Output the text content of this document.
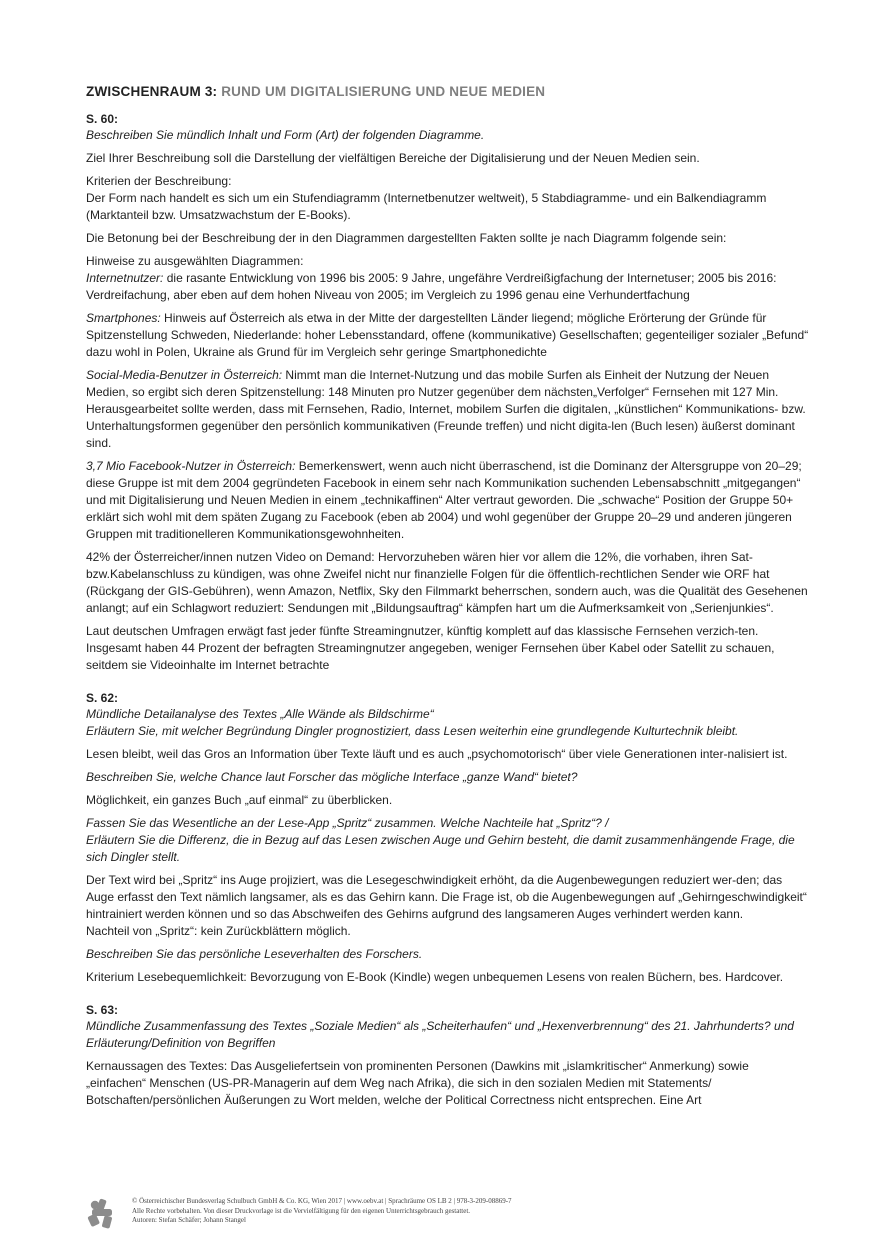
ZWISCHENRAUM 3: RUND UM DIGITALISIERUNG UND NEUE MEDIEN
S. 60:

Beschreiben Sie mündlich Inhalt und Form (Art) der folgenden Diagramme.

Ziel Ihrer Beschreibung soll die Darstellung der vielfältigen Bereiche der Digitalisierung und der Neuen Medien sein.

Kriterien der Beschreibung:
Der Form nach handelt es sich um ein Stufendiagramm (Internetbenutzer weltweit), 5 Stabdiagramme- und ein Balkendiagramm (Marktanteil bzw. Umsatzwachstum der E-Books).

Die Betonung bei der Beschreibung der in den Diagrammen dargestellten Fakten sollte je nach Diagramm folgende sein:

Hinweise zu ausgewählten Diagrammen:
Internetnutzer: die rasante Entwicklung von 1996 bis 2005: 9 Jahre, ungefähre Verdreißigfachung der Internetuser; 2005 bis 2016: Verdreifachung, aber eben auf dem hohen Niveau von 2005; im Vergleich zu 1996 genau eine Verhundertfachung

Smartphones: Hinweis auf Österreich als etwa in der Mitte der dargestellten Länder liegend; mögliche Erörterung der Gründe für Spitzenstellung Schweden, Niederlande: hoher Lebensstandard, offene (kommunikative) Gesellschaften; gegenteiliger sozialer „Befund“ dazu wohl in Polen, Ukraine als Grund für im Vergleich sehr geringe Smartphonedichte

Social-Media-Benutzer in Österreich: Nimmt man die Internet-Nutzung und das mobile Surfen als Einheit der Nutzung der Neuen Medien, so ergibt sich deren Spitzenstellung: 148 Minuten pro Nutzer gegenüber dem nächsten„Verfolger“ Fernsehen mit 127 Min. Herausgearbeitet sollte werden, dass mit Fernsehen, Radio, Internet, mobilem Surfen die digitalen, „künstlichen“ Kommunikations- bzw. Unterhaltungsformen gegenüber den persönlich kommunikativen (Freunde treffen) und nicht digita-len (Buch lesen) äußerst dominant sind.

3,7 Mio Facebook-Nutzer in Österreich: Bemerkenswert, wenn auch nicht überraschend, ist die Dominanz der Altersgruppe von 20–29; diese Gruppe ist mit dem 2004 gegründeten Facebook in einem sehr nach Kommunikation suchenden Lebensabschnitt „mitgegangen“ und mit Digitalisierung und Neuen Medien in einem „technikaffinen“ Alter vertraut geworden. Die „schwache“ Position der Gruppe 50+ erklärt sich wohl mit dem späten Zugang zu Facebook (eben ab 2004) und wohl gegenüber der Gruppe 20–29 und anderen jüngeren Gruppen mit traditionelleren Kommunikationsgewohnheiten.

42% der Österreicher/innen nutzen Video on Demand: Hervorzuheben wären hier vor allem die 12%, die vorhaben, ihren Sat- bzw.Kabelanschluss zu kündigen, was ohne Zweifel nicht nur finanzielle Folgen für die öffentlich-rechtlichen Sender wie ORF hat (Rückgang der GIS-Gebühren), wenn Amazon, Netflix, Sky den Filmmarkt beherrschen, sondern auch, was die Qualität des Gesehenen anlangt; auf ein Schlagwort reduziert: Sendungen mit „Bildungsauftrag“ kämpfen hart um die Aufmerksamkeit von „Serienjunkies“.

Laut deutschen Umfragen erwägt fast jeder fünfte Streamingnutzer, künftig komplett auf das klassische Fernsehen verzich-ten. Insgesamt haben 44 Prozent der befragten Streamingnutzer angegeben, weniger Fernsehen über Kabel oder Satellit zu schauen, seitdem sie Videoinhalte im Internet betrachte

S. 62:

Mündliche Detailanalyse des Textes „Alle Wände als Bildschirme“
Erläutern Sie, mit welcher Begründung Dingler prognostiziert, dass Lesen weiterhin eine grundlegende Kulturtechnik bleibt.

Lesen bleibt, weil das Gros an Information über Texte läuft und es auch „psychomotorisch“ über viele Generationen inter-nalisiert ist.

Beschreiben Sie, welche Chance laut Forscher das mögliche Interface „ganze Wand“ bietet?

Möglichkeit, ein ganzes Buch „auf einmal“ zu überblicken.

Fassen Sie das Wesentliche an der Lese-App „Spritz“ zusammen. Welche Nachteile hat „Spritz“? /
Erläutern Sie die Differenz, die in Bezug auf das Lesen zwischen Auge und Gehirn besteht, die damit zusammenhängende Frage, die sich Dingler stellt.

Der Text wird bei „Spritz“ ins Auge projiziert, was die Lesegeschwindigkeit erhöht, da die Augenbewegungen reduziert wer-den; das Auge erfasst den Text nämlich langsamer, als es das Gehirn kann. Die Frage ist, ob die Augenbewegungen auf „Gehirngeschwindigkeit“ hintrainiert werden können und so das Abschweifen des Gehirns aufgrund des langsameren Auges verhindert werden kann.
Nachteil von „Spritz“: kein Zurückblättern möglich.

Beschreiben Sie das persönliche Leseverhalten des Forschers.

Kriterium Lesebequemlichkeit: Bevorzugung von E-Book (Kindle) wegen unbequemen Lesens von realen Büchern, bes. Hardcover.

S. 63:

Mündliche Zusammenfassung des Textes „Soziale Medien“ als „Scheiterhaufen“ und „Hexenverbrennung“ des 21. Jahrhunderts? und Erläuterung/Definition von Begriffen

Kernaussagen des Textes: Das Ausgeliefertsein von prominenten Personen (Dawkins mit „islamkritischer“ Anmerkung) sowie „einfachen“ Menschen (US-PR-Managerin auf dem Weg nach Afrika), die sich in den sozialen Medien mit Statements/ Botschaften/persönlichen Äußerungen zu Wort melden, welche der Political Correctness nicht entsprechen. Eine Art

© Österreichischer Bundesverlag Schulbuch GmbH & Co. KG, Wien 2017 | www.oebv.at | Sprachräume OS LB 2 | 978-3-209-08869-7
Alle Rechte vorbehalten. Von dieser Druckvorlage ist die Vervielfältigung für den eigenen Unterrichtsgebrauch gestattet.
Autoren: Stefan Schäfer; Johann Stangel
